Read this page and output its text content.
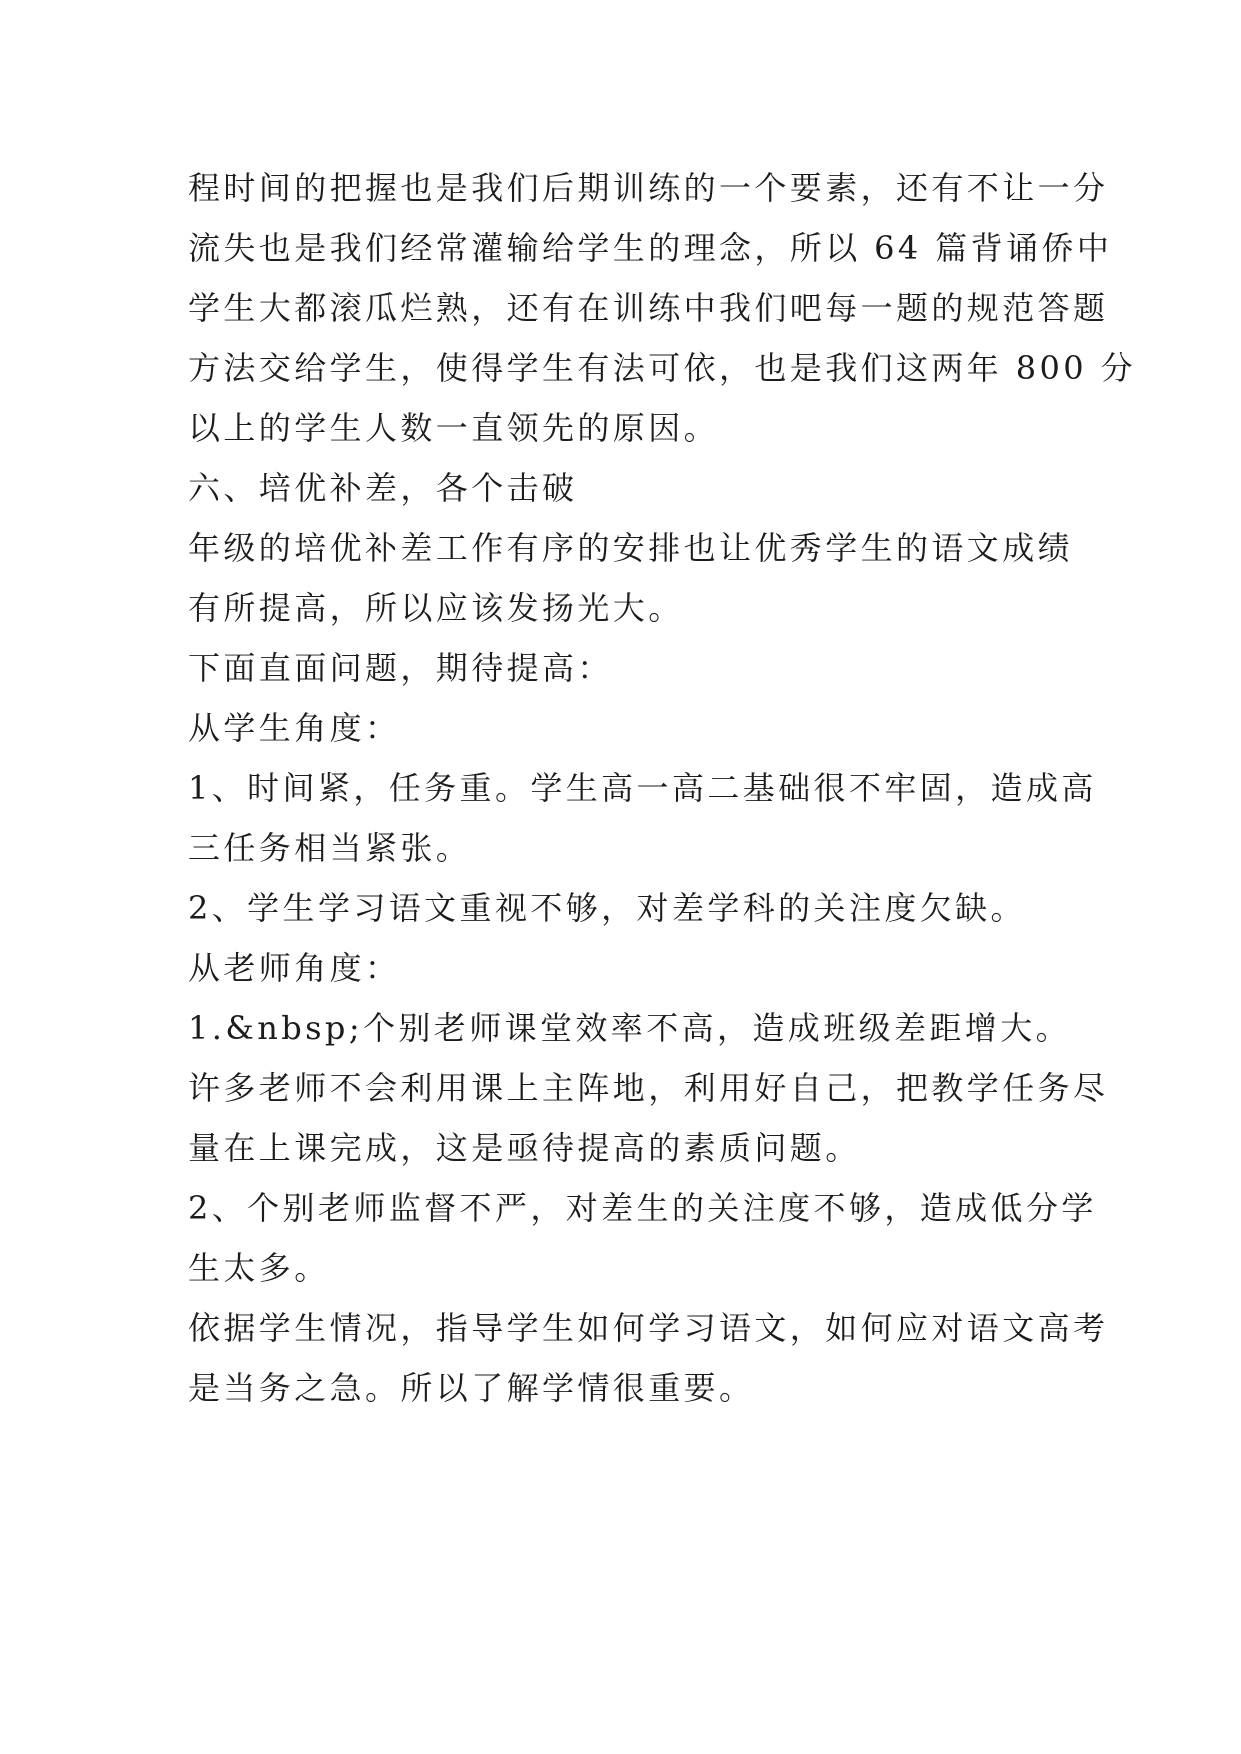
程时间的把握也是我们后期训练的一个要素，还有不让一分
流失也是我们经常灌输给学生的理念，所以 64 篇背诵侨中
学生大都滚瓜烂熟，还有在训练中我们吧每一题的规范答题
方法交给学生，使得学生有法可依，也是我们这两年 800 分
以上的学生人数一直领先的原因。
六、培优补差，各个击破
年级的培优补差工作有序的安排也让优秀学生的语文成绩
有所提高，所以应该发扬光大。
下面直面问题，期待提高：
从学生角度：
1、时间紧，任务重。学生高一高二基础很不牢固，造成高
三任务相当紧张。
2、学生学习语文重视不够，对差学科的关注度欠缺。
从老师角度：
1.&nbsp;个别老师课堂效率不高，造成班级差距增大。
许多老师不会利用课上主阵地，利用好自己，把教学任务尽
量在上课完成，这是亟待提高的素质问题。
2、个别老师监督不严，对差生的关注度不够，造成低分学
生太多。
依据学生情况，指导学生如何学习语文，如何应对语文高考
是当务之急。所以了解学情很重要。
